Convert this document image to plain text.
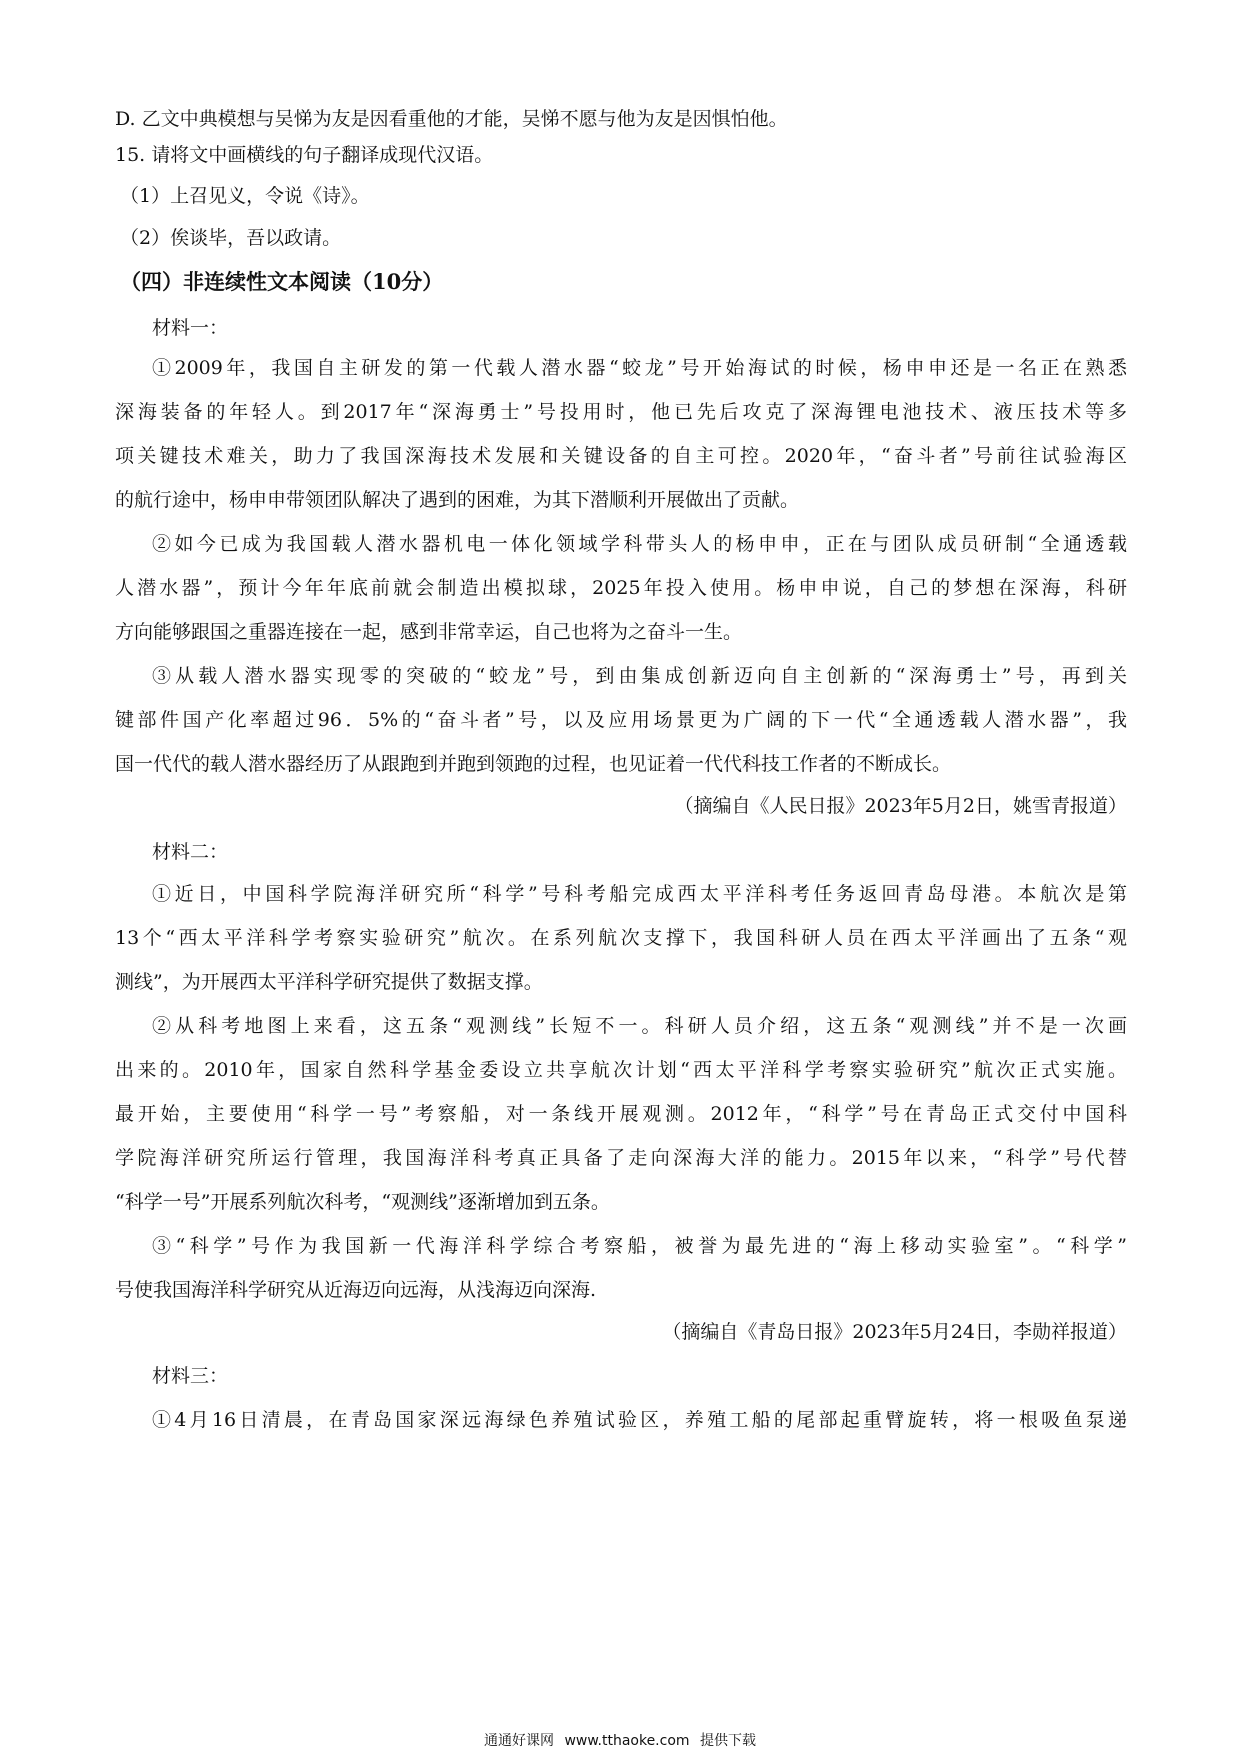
D. 乙文中典模想与吴悌为友是因看重他的才能，吴悌不愿与他为友是因惧怕他。
15. 请将文中画横线的句子翻译成现代汉语。
（1）上召见义，令说《诗》。
（2）俟谈毕，吾以政请。
（四）非连续性文本阅读（10分）
材料一：
①2009年，我国自主研发的第一代载人潜水器“蛟龙”号开始海试的时候，杨申申还是一名正在熟悉
深海装备的年轻人。到2017年“深海勇士”号投用时，他已先后攻克了深海锂电池技术、液压技术等多
项关键技术难关，助力了我国深海技术发展和关键设备的自主可控。2020年，“奋斗者”号前往试验海区
的航行途中，杨申申带领团队解决了遇到的困难，为其下潜顺利开展做出了贡献。
②如今已成为我国载人潜水器机电一体化领域学科带头人的杨申申，正在与团队成员研制“全通透载
人潜水器”，预计今年年底前就会制造出模拟球，2025年投入使用。杨申申说，自己的梦想在深海，科研
方向能够跟国之重器连接在一起，感到非常幸运，自己也将为之奋斗一生。
③从载人潜水器实现零的突破的“蛟龙”号，到由集成创新迈向自主创新的“深海勇士”号，再到关
键部件国产化率超过96．5%的“奋斗者”号，以及应用场景更为广阔的下一代“全通透载人潜水器”，我
国一代代的载人潜水器经历了从跟跑到并跑到领跑的过程，也见证着一代代科技工作者的不断成长。
（摘编自《人民日报》2023年5月2日，姚雪青报道）
材料二：
①近日，中国科学院海洋研究所“科学”号科考船完成西太平洋科考任务返回青岛母港。本航次是第
13个“西太平洋科学考察实验研究”航次。在系列航次支撑下，我国科研人员在西太平洋画出了五条“观
测线”，为开展西太平洋科学研究提供了数据支撑。
②从科考地图上来看，这五条“观测线”长短不一。科研人员介绍，这五条“观测线”并不是一次画
出来的。2010年，国家自然科学基金委设立共享航次计划“西太平洋科学考察实验研究”航次正式实施。
最开始，主要使用“科学一号”考察船，对一条线开展观测。2012年，“科学”号在青岛正式交付中国科
学院海洋研究所运行管理，我国海洋科考真正具备了走向深海大洋的能力。2015年以来，“科学”号代替
“科学一号”开展系列航次科考，“观测线”逐渐增加到五条。
③“科学”号作为我国新一代海洋科学综合考察船，被誉为最先进的“海上移动实验室”。“科学”
号使我国海洋科学研究从近海迈向远海，从浅海迈向深海.
（摘编自《青岛日报》2023年5月24日，李勋祥报道）
材料三：
①4月16日清晨，在青岛国家深远海绿色养殖试验区，养殖工船的尾部起重臂旋转，将一根吸鱼泵递
通通好课网 www.tthaoke.com 提供下载
